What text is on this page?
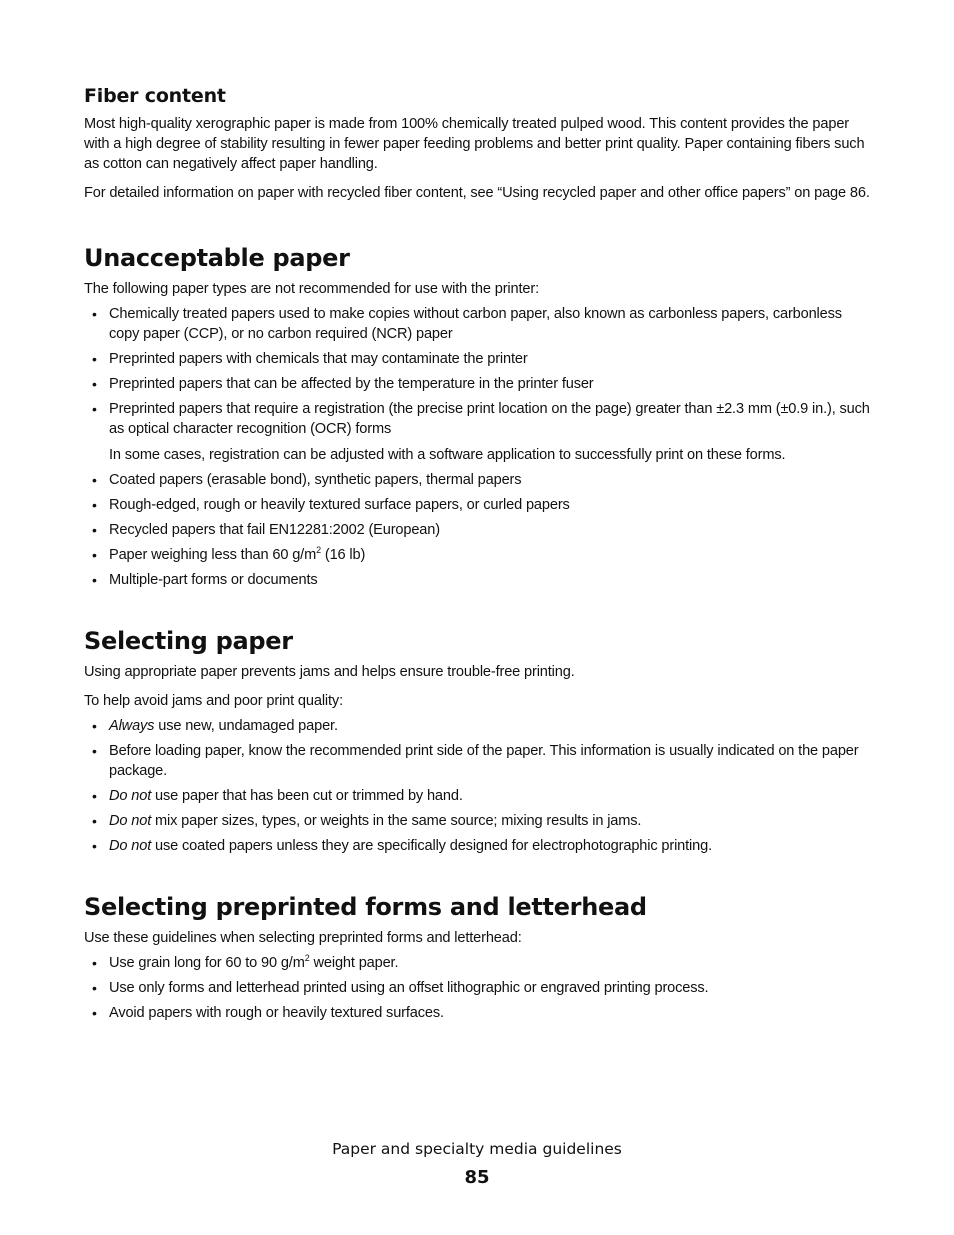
Fiber content

Most high-quality xerographic paper is made from 100% chemically treated pulped wood. This content provides the paper with a high degree of stability resulting in fewer paper feeding problems and better print quality. Paper containing fibers such as cotton can negatively affect paper handling.

For detailed information on paper with recycled fiber content, see “Using recycled paper and other office papers” on page 86.

Unacceptable paper

The following paper types are not recommended for use with the printer:

• Chemically treated papers used to make copies without carbon paper, also known as carbonless papers, carbonless copy paper (CCP), or no carbon required (NCR) paper
• Preprinted papers with chemicals that may contaminate the printer
• Preprinted papers that can be affected by the temperature in the printer fuser
• Preprinted papers that require a registration (the precise print location on the page) greater than ±2.3 mm (±0.9 in.), such as optical character recognition (OCR) forms

In some cases, registration can be adjusted with a software application to successfully print on these forms.

• Coated papers (erasable bond), synthetic papers, thermal papers
• Rough-edged, rough or heavily textured surface papers, or curled papers
• Recycled papers that fail EN12281:2002 (European)
• Paper weighing less than 60 $g/m^2$ (16 lb)
• Multiple-part forms or documents
Selecting paper

Using appropriate paper prevents jams and helps ensure trouble-free printing.

To help avoid jams and poor print quality:

• Always use new, undamaged paper.
• Before loading paper, know the recommended print side of the paper. This information is usually indicated on the paper package.
• Do not use paper that has been cut or trimmed by hand.
• Do not mix paper sizes, types, or weights in the same source; mixing results in jams.
• Do not use coated papers unless they are specifically designed for electrophotographic printing.
Selecting preprinted forms and letterhead

Use these guidelines when selecting preprinted forms and letterhead:

• Use grain long for 60 to 90 $g/m^2$ weight paper.
• Use only forms and letterhead printed using an offset lithographic or engraved printing process.
• Avoid papers with rough or heavily textured surfaces.
Paper and specialty media guidelines
85
